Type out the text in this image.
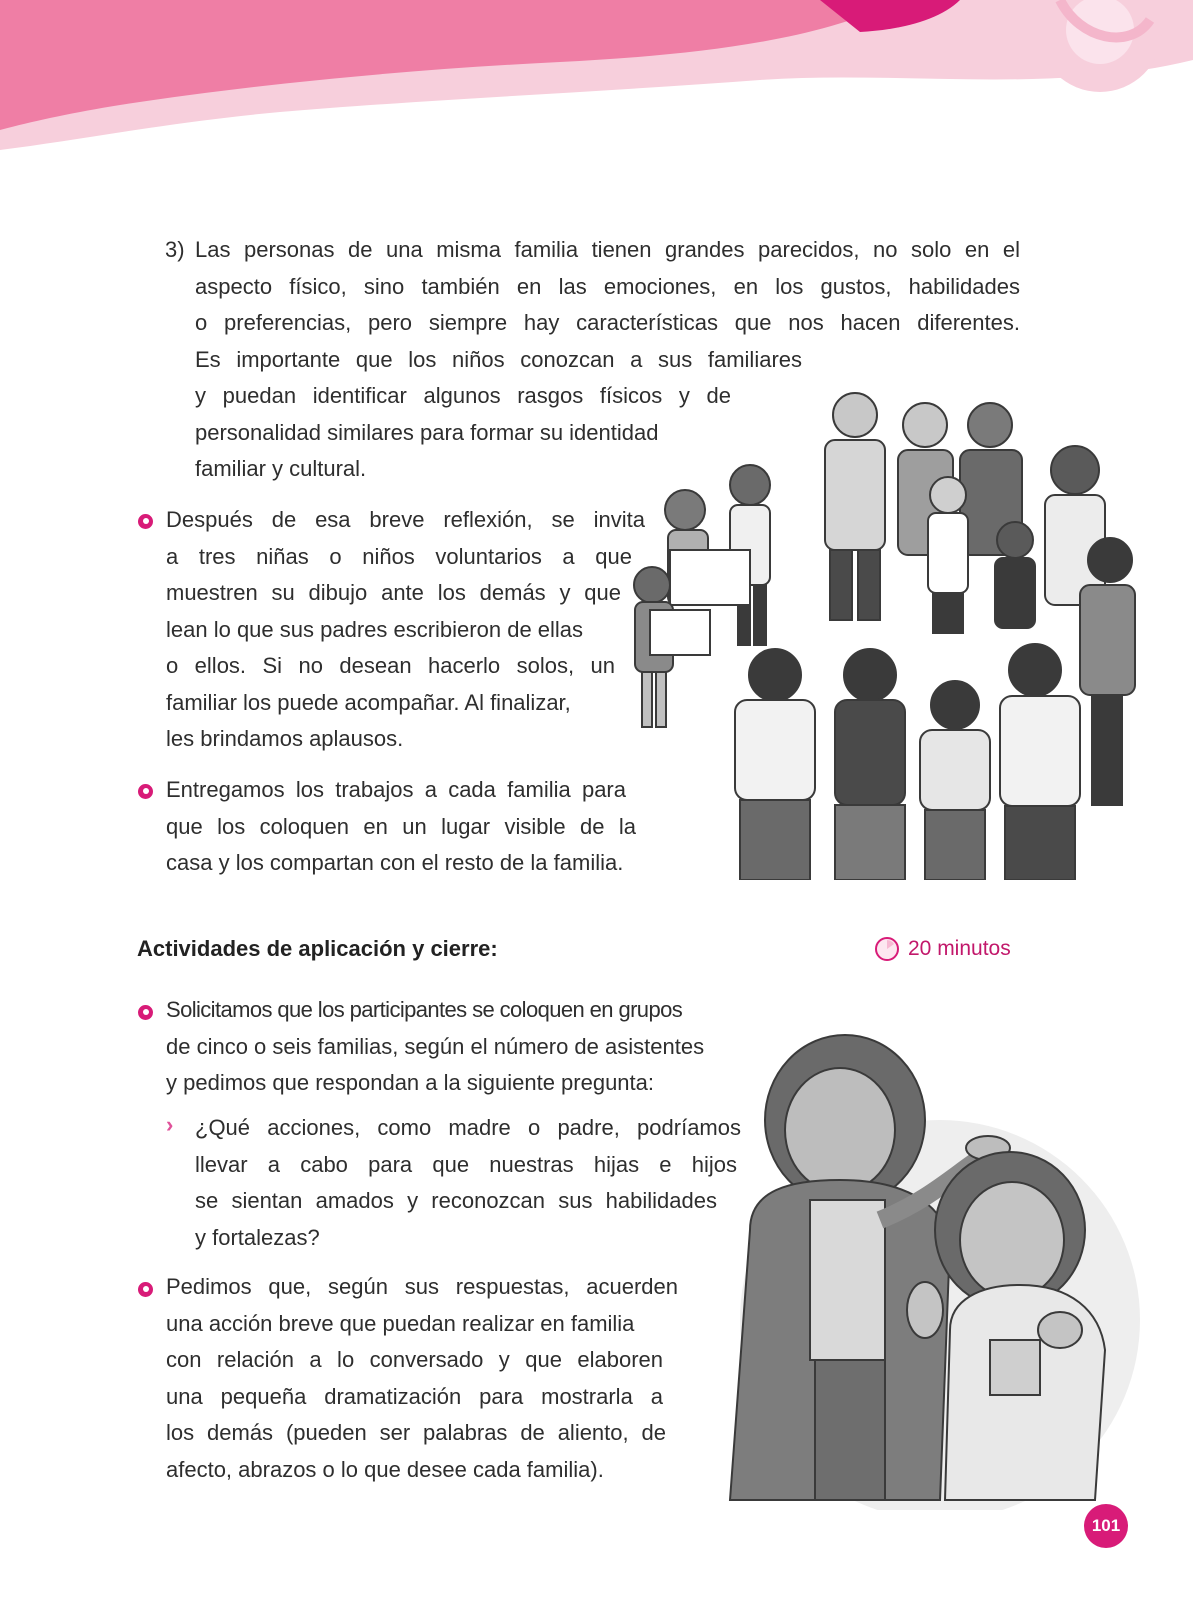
3) Las personas de una misma familia tienen grandes parecidos, no solo en el
aspecto físico, sino también en las emociones, en los gustos, habilidades
o preferencias, pero siempre hay características que nos hacen diferentes.
Es importante que los niños conozcan a sus familiares
y puedan identificar algunos rasgos físicos y de
personalidad similares para formar su identidad
familiar y cultural.
Después de esa breve reflexión, se invita
a tres niñas o niños voluntarios a que
muestren su dibujo ante los demás y que
lean lo que sus padres escribieron de ellas
o ellos. Si no desean hacerlo solos, un
familiar los puede acompañar. Al finalizar,
les brindamos aplausos.
Entregamos los trabajos a cada familia para
que los coloquen en un lugar visible de la
casa y los compartan con el resto de la familia.
Actividades de aplicación y cierre:	20 minutos
Solicitamos que los participantes se coloquen en grupos
de cinco o seis familias, según el número de asistentes
y pedimos que respondan a la siguiente pregunta:
› ¿Qué acciones, como madre o padre, podríamos
llevar a cabo para que nuestras hijas e hijos
se sientan amados y reconozcan sus habilidades
y fortalezas?
Pedimos que, según sus respuestas, acuerden
una acción breve que puedan realizar en familia
con relación a lo conversado y que elaboren
una pequeña dramatización para mostrarla a
los demás (pueden ser palabras de aliento, de
afecto, abrazos o lo que desee cada familia).
101
